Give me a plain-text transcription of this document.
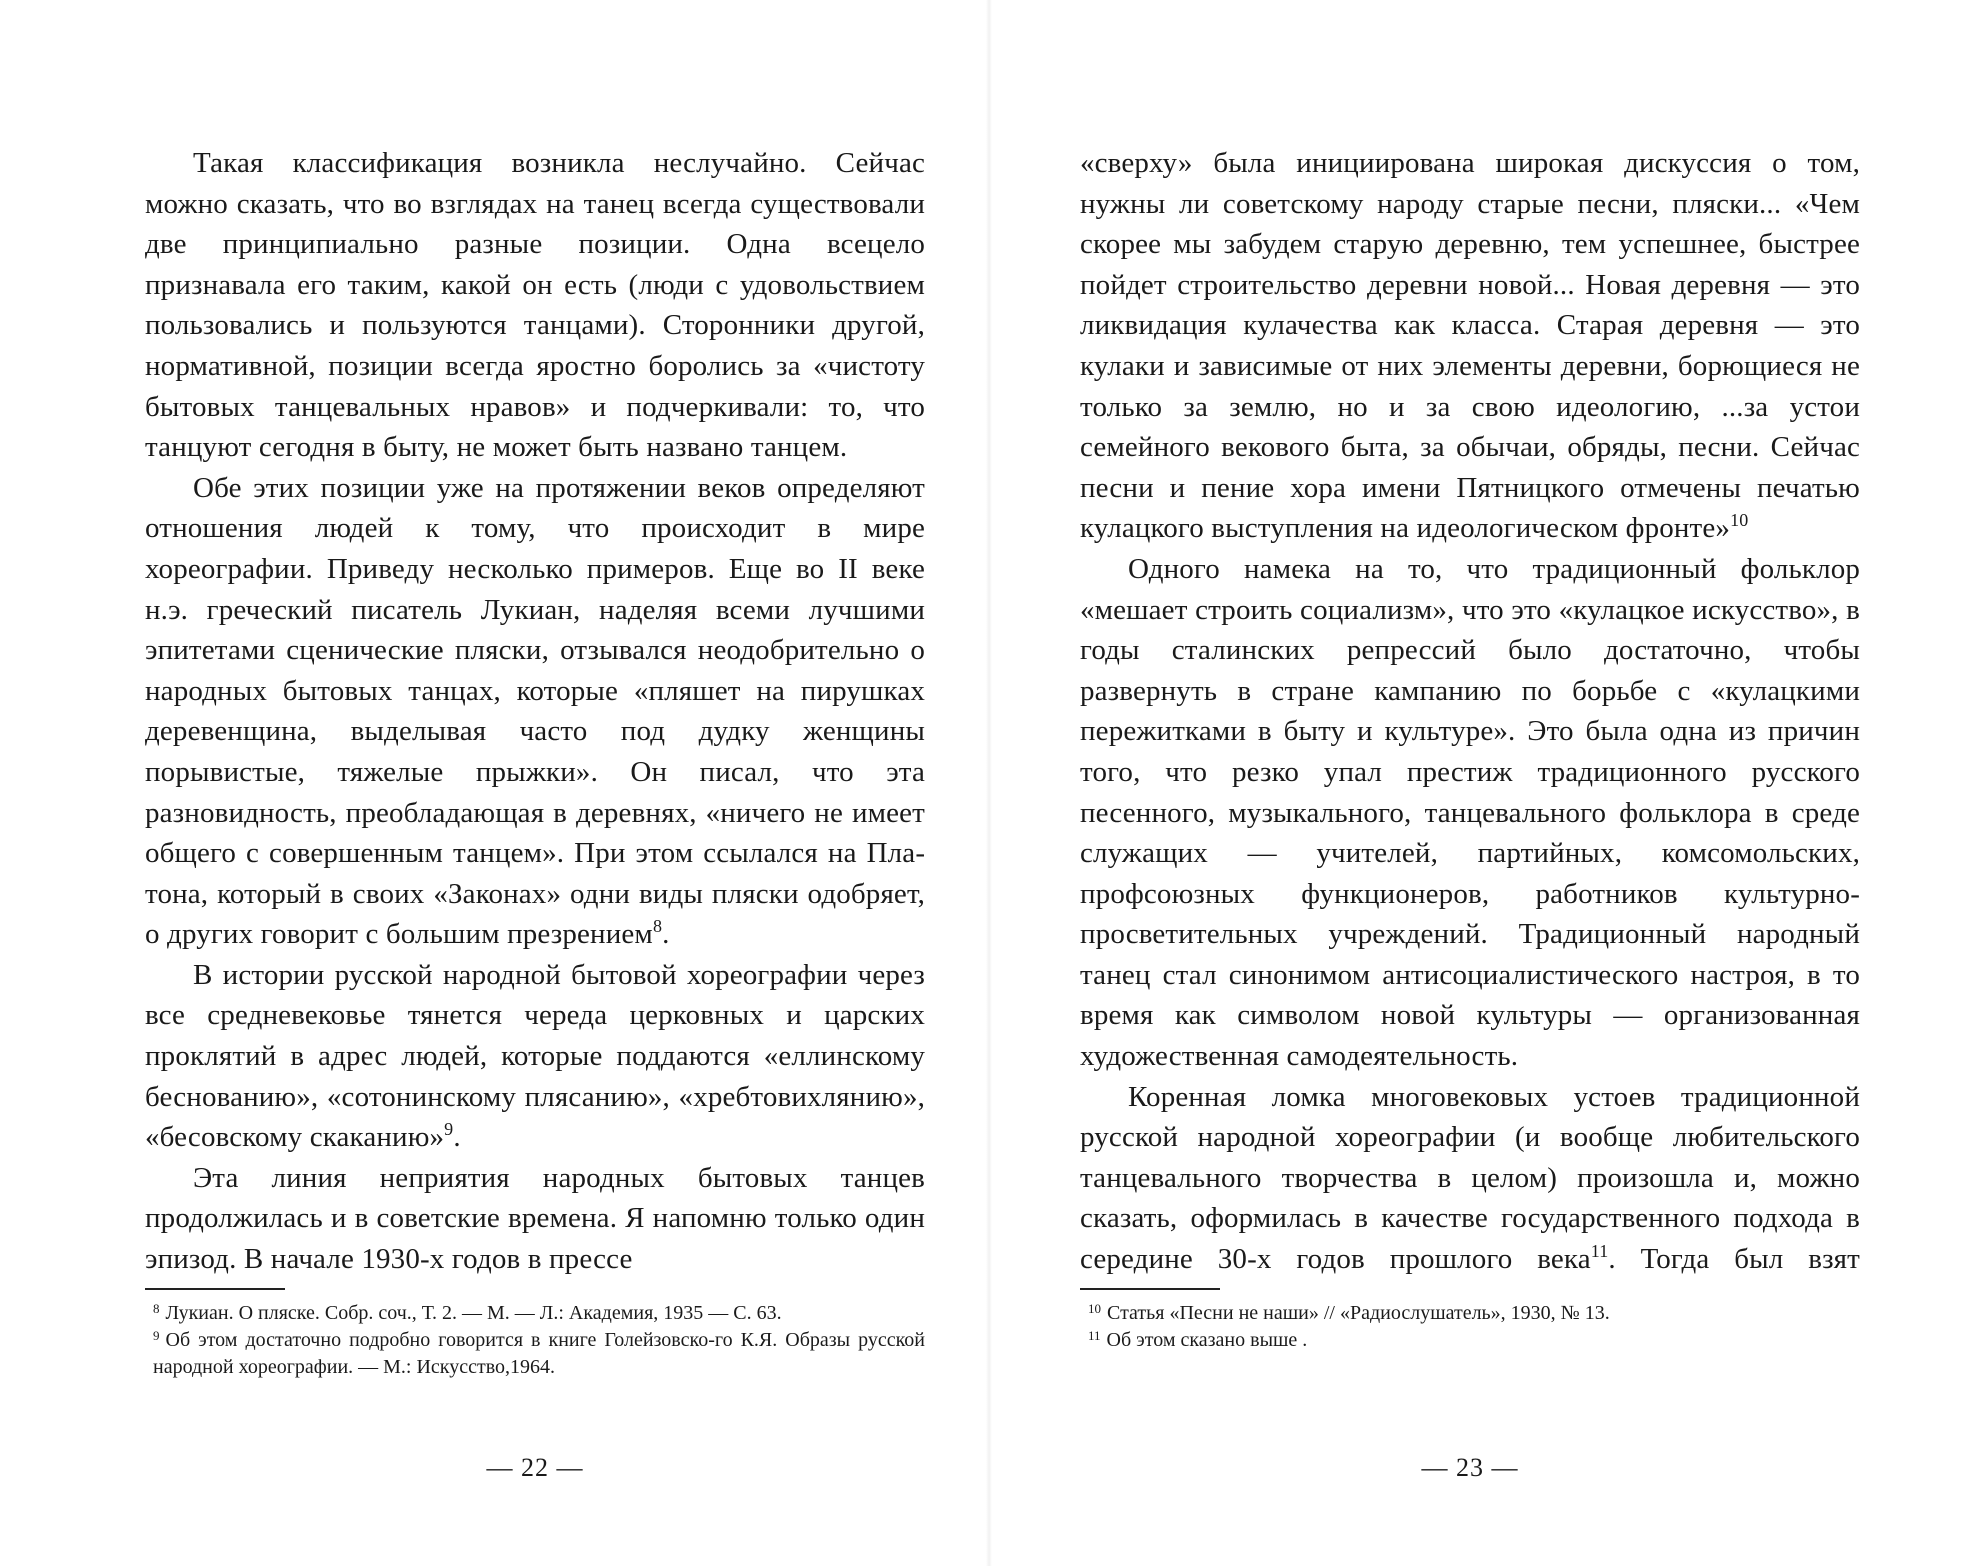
Такая классификация возникла неслучайно. Сейчас можно сказать, что во взглядах на танец всегда существовали две принципиально разные позиции. Одна всецело признавала его таким, какой он есть (люди с удовольствием пользовались и пользуются танцами). Сторонники другой, нормативной, позиции всегда яростно боролись за «чистоту бытовых танцевальных нравов» и подчеркивали: то, что танцуют сегодня в быту, не может быть названо танцем.

Обе этих позиции уже на протяжении веков определяют отношения людей к тому, что происходит в мире хореографии. Приведу несколько примеров. Еще во II веке н.э. греческий писатель Лукиан, наделяя всеми лучшими эпитетами сценические пляски, отзывался неодобрительно о народных бытовых танцах, которые «пляшет на пирушках деревенщина, выделывая часто под дудку женщины порывистые, тяжелые прыжки». Он писал, что эта разновидность, преобладающая в деревнях, «ничего не имеет общего с совершенным танцем». При этом ссылался на Платона, который в своих «Законах» одни виды пляски одобряет, о других говорит с большим презрением$^8$.

В истории русской народной бытовой хореографии через все средневековье тянется череда церковных и царских проклятий в адрес людей, которые поддаются «еллинскому беснованию», «сотонинскому плясанию», «хребтовихлянию», «бесовскому скаканию»$^9$.

Эта линия неприятия народных бытовых танцев продолжилась и в советские времена. Я напомню только один эпизод. В начале 1930-х годов в прессе

$^8$ Лукиан. О пляске. Собр. соч., Т. 2. — М. — Л.: Академия, 1935 — С. 63.

$^9$ Об этом достаточно подробно говорится в книге Голейзовско-го К.Я. Образы русской народной хореографии. — М.: Искусство,1964.

— 22 —

«сверху» была инициирована широкая дискуссия о том, нужны ли советскому народу старые песни, пляски... «Чем скорее мы забудем старую деревню, тем успешнее, быстрее пойдет строительство деревни новой... Новая деревня — это ликвидация кулачества как класса. Старая деревня — это кулаки и зависимые от них элементы деревни, борющиеся не только за землю, но и за свою идеологию, ...за устои семейного векового быта, за обычаи, обряды, песни. Сейчас песни и пение хора имени Пятницкого отмечены печатью кулацкого выступления на идеологическом фронте»$^{10}$

Одного намека на то, что традиционный фольклор «мешает строить социализм», что это «кулацкое искусство», в годы сталинских репрессий было достаточно, чтобы развернуть в стране кампанию по борьбе с «кулацкими пережитками в быту и культуре». Это была одна из причин того, что резко упал престиж традиционного русского песенного, музыкального, танцевального фольклора в среде служащих — учителей, партийных, комсомольских, профсоюзных функционеров, работников культурно-просветительных учреждений. Традиционный народный танец стал синонимом антисоциалистического настроя, в то время как символом новой культуры — организованная художественная самодеятельность.

Коренная ломка многовековых устоев традиционной русской народной хореографии (и вообще любительского танцевального творчества в целом) произошла и, можно сказать, оформилась в качестве государственного подхода в середине 30-х годов прошлого века$^{11}$. Тогда был взят

$^{10}$ Статья «Песни не наши» // «Радиослушатель», 1930, № 13.

$^{11}$ Об этом сказано выше .

— 23 —
